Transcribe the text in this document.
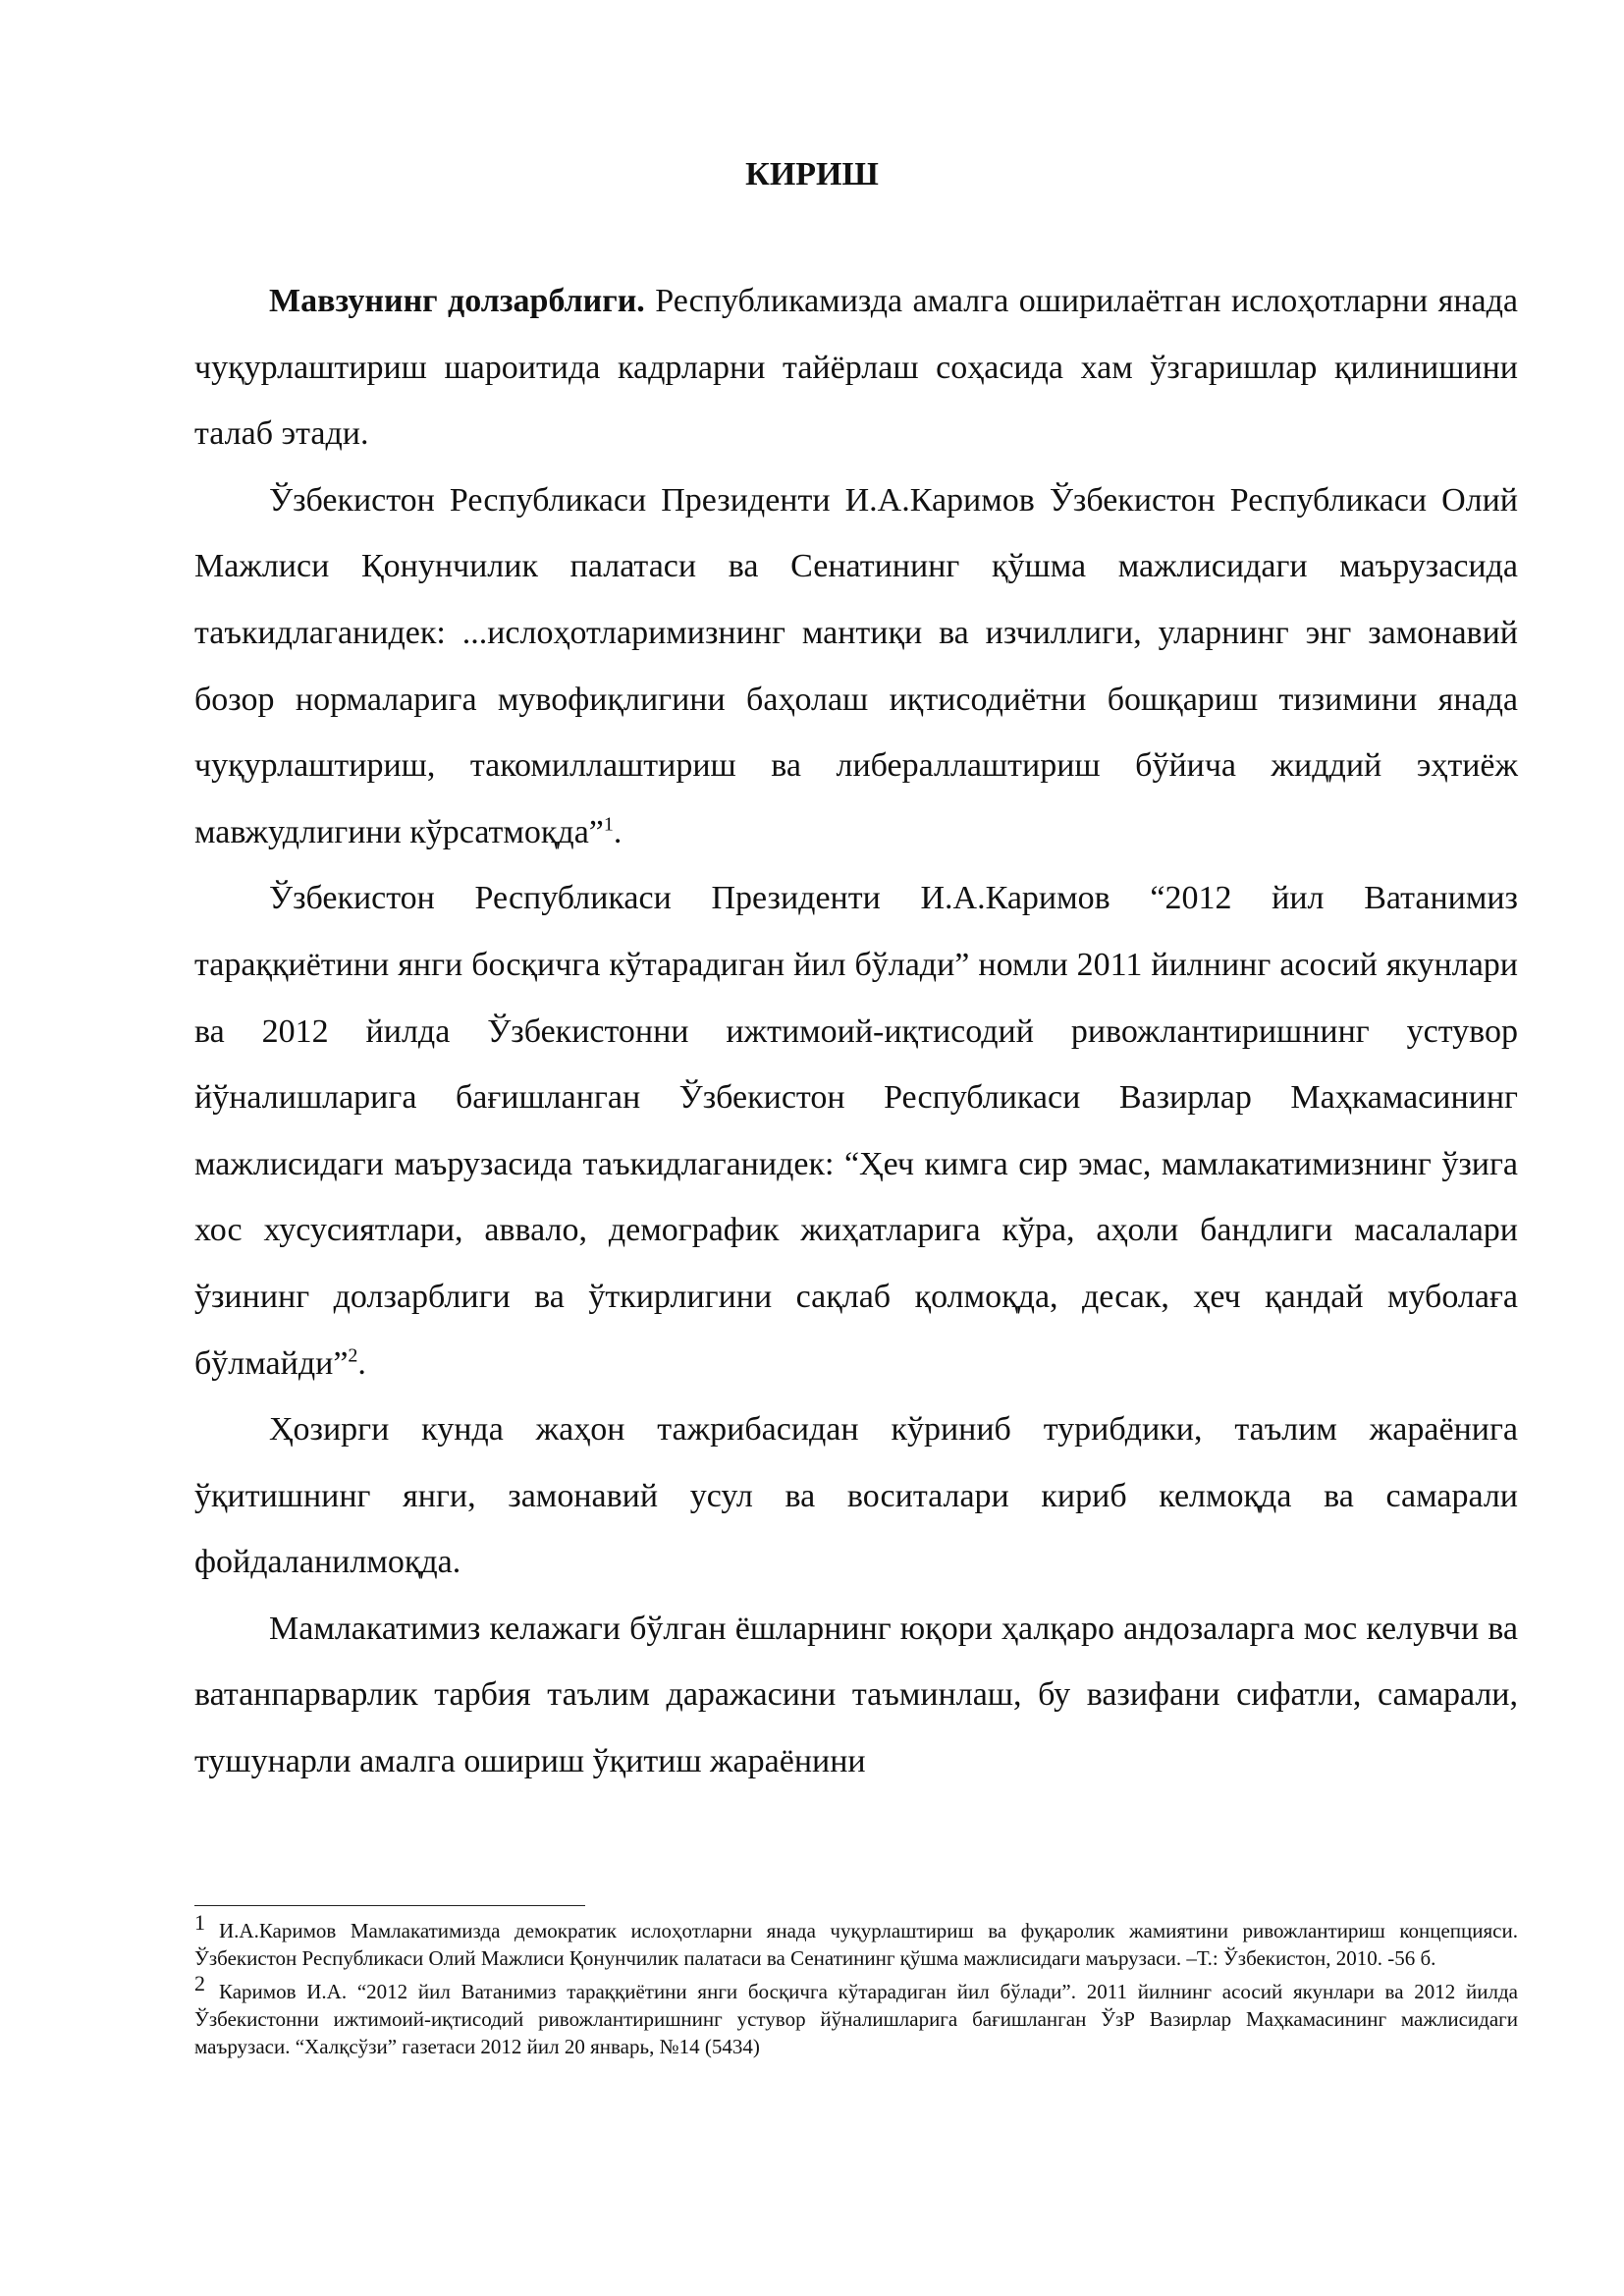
КИРИШ

Мавзунинг долзарблиги. Республикамизда амалга оширилаётган ислоҳотларни янада чуқурлаштириш шароитида кадрларни тайёрлаш соҳасида хам ўзгаришлар қилинишини талаб этади.

Ўзбекистон Республикаси Президенти И.А.Каримов Ўзбекистон Республикаси Олий Мажлиси Қонунчилик палатаси ва Сенатининг қўшма мажлисидаги маърузасида таъкидлаганидек: ...ислоҳотларимизнинг мантиқи ва изчиллиги, уларнинг энг замонавий бозор нормаларига мувофиқлигини баҳолаш иқтисодиётни бошқариш тизимини янада чуқурлаштириш, такомиллаштириш ва либераллаштириш бўйича жиддий эҳтиёж мавжудлигини кўрсатмоқда”$^1$.

Ўзбекистон Республикаси Президенти И.А.Каримов “2012 йил Ватанимиз тараққиётини янги босқичга кўтарадиган йил бўлади” номли 2011 йилнинг асосий якунлари ва 2012 йилда Ўзбекистонни ижтимоий-иқтисодий ривожлантиришнинг устувор йўналишларига бағишланган Ўзбекистон Республикаси Вазирлар Маҳкамасининг мажлисидаги маърузасида таъкидлаганидек: “Ҳеч кимга сир эмас, мамлакатимизнинг ўзига хос хусусиятлари, аввало, демографик жиҳатларига кўра, аҳоли бандлиги масалалари ўзининг долзарблиги ва ўткирлигини сақлаб қолмоқда, десак, ҳеч қандай муболаға бўлмайди”$^2$.

Ҳозирги кунда жаҳон тажрибасидан кўриниб турибдики, таълим жараёнига ўқитишнинг янги, замонавий усул ва воситалари кириб келмоқда ва самарали фойдаланилмоқда.

Мамлакатимиз келажаги бўлган ёшларнинг юқори ҳалқаро андозаларга мос келувчи ва ватанпарварлик тарбия таълим даражасини таъминлаш, бу вазифани сифатли, самарали, тушунарли амалга ошириш ўқитиш жараёнини

1 И.А.Каримов Мамлакатимизда демократик ислоҳотларни янада чуқурлаштириш ва фуқаролик жамиятини ривожлантириш концепцияси. Ўзбекистон Республикаси Олий Мажлиси Қонунчилик палатаси ва Сенатининг қўшма мажлисидаги маърузаси. –Т.: Ўзбекистон, 2010. -56 б.

2 Каримов И.А. “2012 йил Ватанимиз тараққиётини янги босқичга кўтарадиган йил бўлади”. 2011 йилнинг асосий якунлари ва 2012 йилда Ўзбекистонни ижтимоий-иқтисодий ривожлантиришнинг устувор йўналишларига бағишланган ЎзР Вазирлар Маҳкамасининг мажлисидаги маърузаси. “Халқсўзи” газетаси 2012 йил 20 январь, №14 (5434)
